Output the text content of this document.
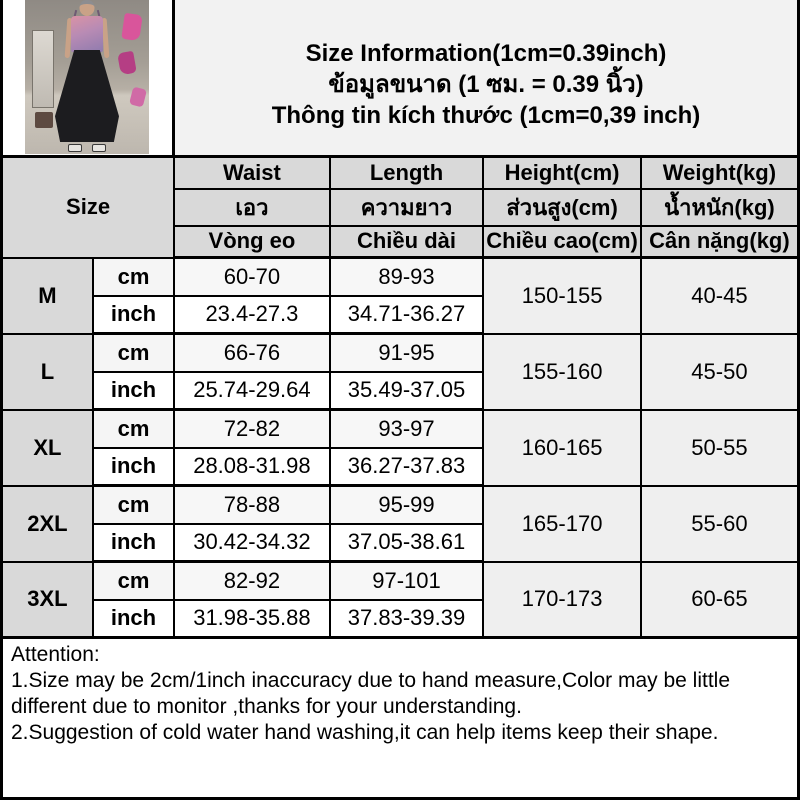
Size Information(1cm=0.39inch)
ข้อมูลขนาด (1 ซม. = 0.39 นิ้ว)
Thông tin kích thước (1cm=0,39 inch)
Size		Waist	Length	Height(cm)	Weight(kg)
		เอว	ความยาว	ส่วนสูง(cm)	น้ำหนัก(kg)
		Vòng eo	Chiều dài	Chiều cao(cm)	Cân nặng(kg)
M	cm	60-70	89-93	150-155	40-45
	inch	23.4-27.3	34.71-36.27		
L	cm	66-76	91-95	155-160	45-50
	inch	25.74-29.64	35.49-37.05		
XL	cm	72-82	93-97	160-165	50-55
	inch	28.08-31.98	36.27-37.83		
2XL	cm	78-88	95-99	165-170	55-60
	inch	30.42-34.32	37.05-38.61		
3XL	cm	82-92	97-101	170-173	60-65
	inch	31.98-35.88	37.83-39.39		
Attention:
1.Size may be 2cm/1inch inaccuracy due to hand measure,Color may be little different due to monitor ,thanks for your understanding.
2.Suggestion of cold water hand washing,it can help items keep their shape.
